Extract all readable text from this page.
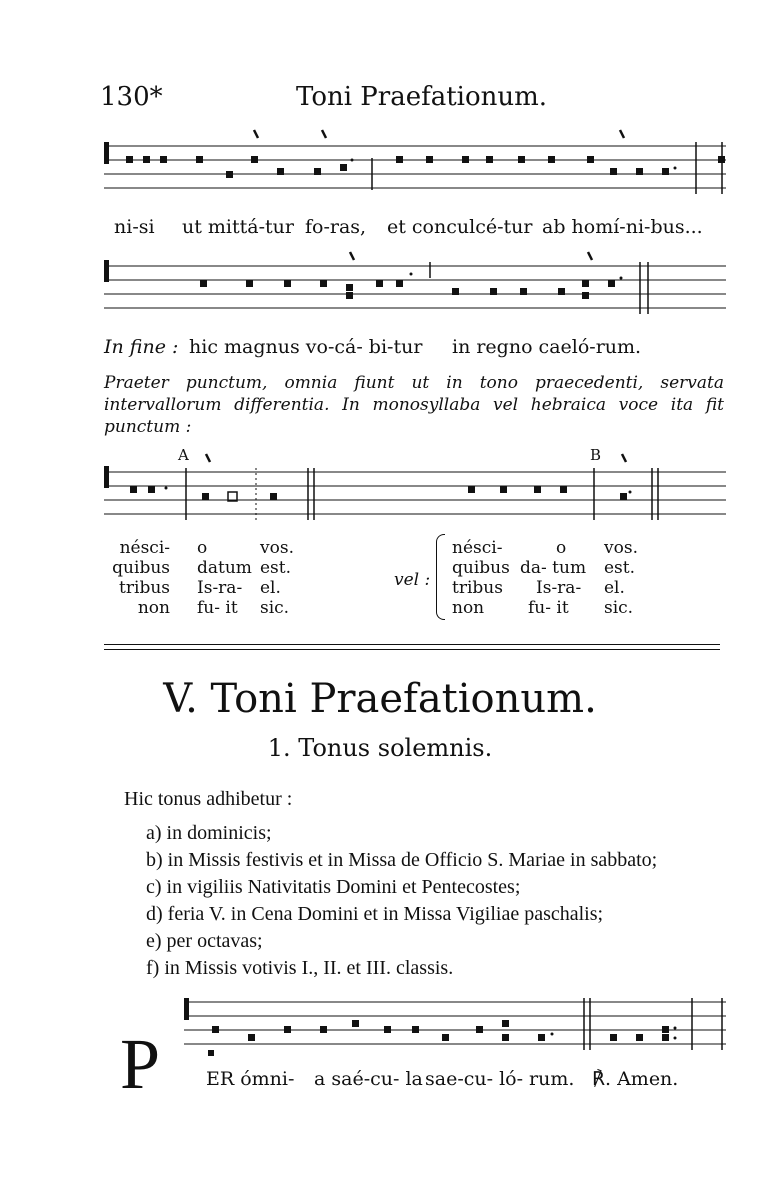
130*	Toni Praefationum.
ni-si ut mittá-tur fo-ras, et conculcé-tur ab homí-ni-bus...
In fine : hic magnus vo-cá- bi-tur in regno caeló-rum.
Praeter punctum, omnia fiunt ut in tono praecedenti, servata intervallorum differentia. In monosyllaba vel hebraica voce ita fit punctum :
A	B
nésci-
quibus
tribus
non
o
datum
Is-ra-
fu- it
vos.
est.
el.
sic.
vel :
nésci-
quibus
tribus
non
o
da- tum
Is-ra-
fu- it
vos.
est.
el.
sic.
V. Toni Praefationum.
1. Tonus solemnis.
Hic tonus adhibetur :
a) in dominicis;
b) in Missis festivis et in Missa de Officio S. Mariae in sabbato;
c) in vigiliis Nativitatis Domini et Pentecostes;
d) feria V. in Cena Domini et in Missa Vigiliae paschalis;
e) per octavas;
f) in Missis votivis I., II. et III. classis.
P ER ómni- a saé-cu- la sae-cu- ló- rum. ℟. Amen.
